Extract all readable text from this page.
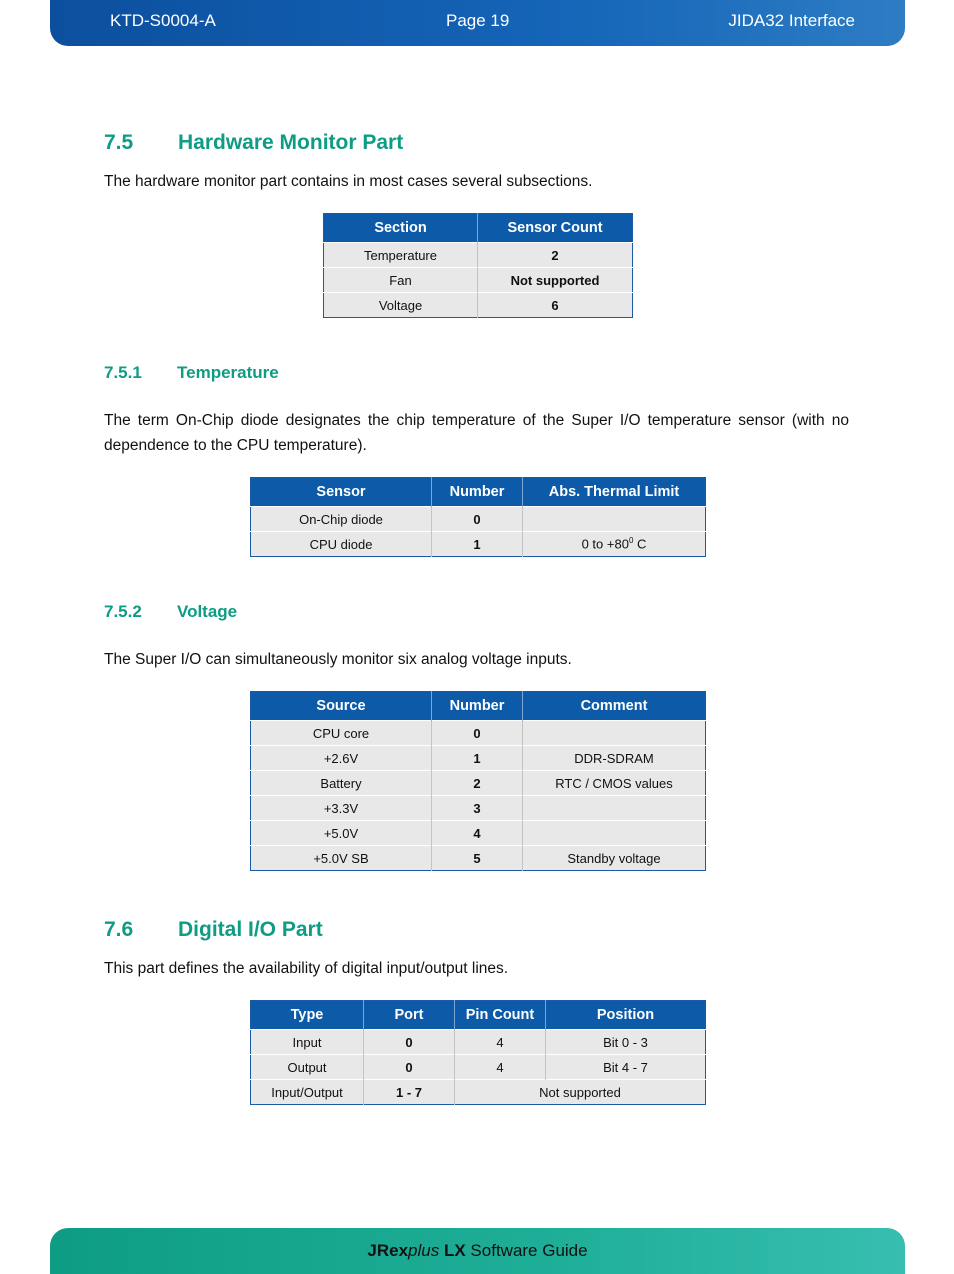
KTD-S0004-A	Page 19	JIDA32 Interface
7.5 Hardware Monitor Part
The hardware monitor part contains in most cases several subsections.
Section	Sensor Count
Temperature	2
Fan	Not supported
Voltage	6
7.5.1 Temperature
The term On-Chip diode designates the chip temperature of the Super I/O temperature sensor (with no dependence to the CPU temperature).
Sensor	Number	Abs. Thermal Limit
On-Chip diode	0	
CPU diode	1	0 to $+80^0$ C
7.5.2 Voltage
The Super I/O can simultaneously monitor six analog voltage inputs.
Source	Number	Comment
CPU core	0	
+2.6V	1	DDR-SDRAM
Battery	2	RTC / CMOS values
+3.3V	3	
+5.0V	4	
+5.0V SB	5	Standby voltage
7.6 Digital I/O Part
This part defines the availability of digital input/output lines.
Type	Port	Pin Count	Position
Input	0	4	Bit 0 - 3
Output	0	4	Bit 4 - 7
Input/Output	1 - 7	Not supported	
JRexplus LX Software Guide
